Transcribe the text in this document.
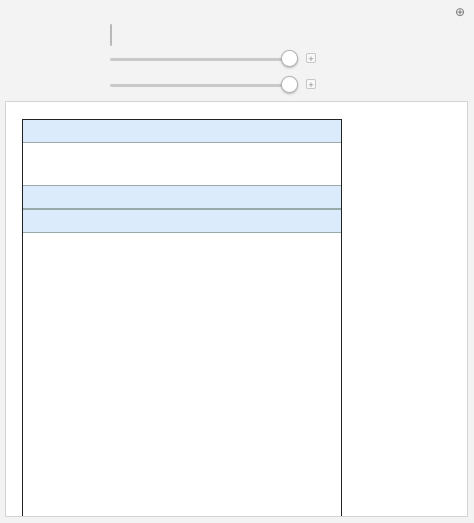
⊕
+
+
